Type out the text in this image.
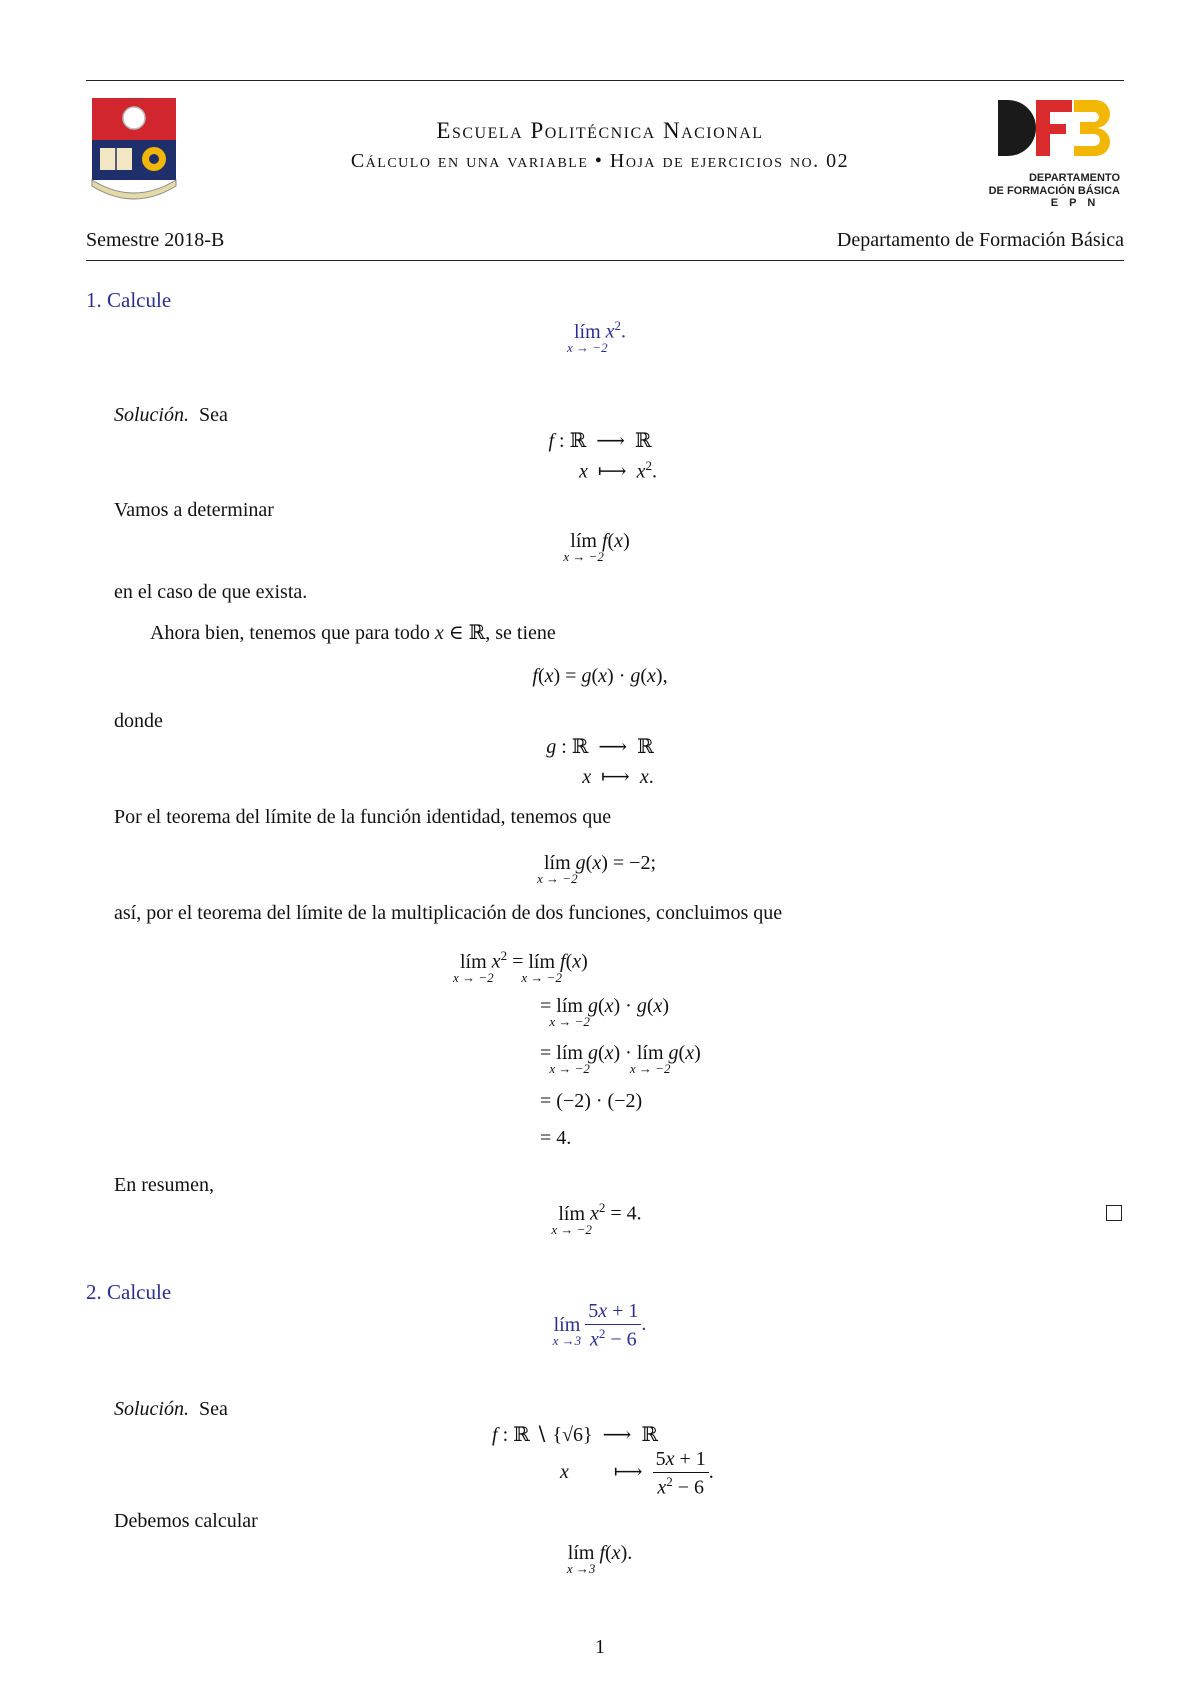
Escuela Politécnica Nacional
Cálculo en una variable • Hoja de ejercicios no. 02
DEPARTAMENTO
DE FORMACIÓN BÁSICA
E P N
Semestre 2018-B	Departamento de Formación Básica
1. Calcule
lím
x → −2
$x^2$.
Solución. Sea
f : ℝ  ⟶  ℝ
x  ⟼  $x^2$.
Vamos a determinar
lím
x → −2
f(x)
en el caso de que exista.
Ahora bien, tenemos que para todo x ∈ ℝ, se tiene
f(x) = g(x) · g(x),
donde
g : ℝ  ⟶  ℝ
x  ⟼  x.
Por el teorema del límite de la función identidad, tenemos que
lím
x → −2
g(x) = −2;
así, por el teorema del límite de la multiplicación de dos funciones, concluimos que
lím
x → −2
$x^2$ = lím
x → −2
f(x)
= lím
x → −2
g(x) · g(x)
= lím
x → −2
g(x) · lím
x → −2
g(x)
= (−2) · (−2)
= 4.
En resumen,
lím
x → −2
$x^2 = 4$.
2. Calcule
lím
x →3
$\frac{5x + 1}{x^2 - 6}$ .
Solución. Sea
f : ℝ ∖ {√6}  ⟶  ℝ
x         ⟼ $\frac{5x + 1}{x^2 - 6}$ .
Debemos calcular
lím
x →3
f(x).
1
